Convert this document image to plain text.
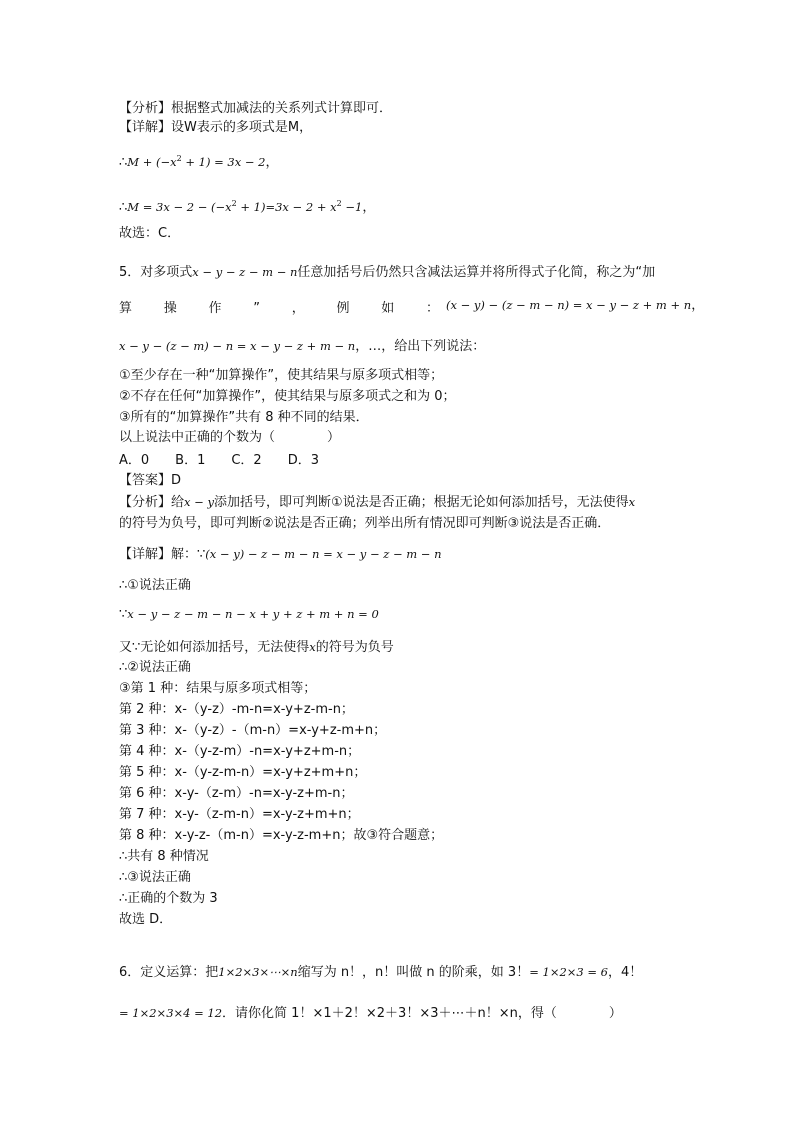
【分析】根据整式加减法的关系列式计算即可．
【详解】设W表示的多项式是M，
∴M + $(-x^2 + 1) = 3x - 2$，
∴M = $3x - 2 - (-x^2 + 1)=3x - 2 + x^2 -1$，
故选：C．
5．对多项式x − y − z − m − n任意加括号后仍然只含减法运算并将所得式子化简，称之为“加
算 操 作 ” ， 例 如 ： (x − y) − (z − m − n) = x − y − z + m + n，
x − y − (z − m) − n = x − y − z + m − n，…，给出下列说法：
①至少存在一种“加算操作”，使其结果与原多项式相等；
②不存在任何“加算操作”，使其结果与原多项式之和为 0；
③所有的“加算操作”共有 8 种不同的结果．
以上说法中正确的个数为（　　　　）
A．0　　B．1　　C．2　　D．3
【答案】D
【分析】给x − y添加括号，即可判断①说法是否正确；根据无论如何添加括号，无法使得x
的符号为负号，即可判断②说法是否正确；列举出所有情况即可判断③说法是否正确．
【详解】解：∵(x − y) − z − m − n = x − y − z − m − n
∴①说法正确
∵x − y − z − m − n − x + y + z + m + n = 0
又∵无论如何添加括号，无法使得x的符号为负号
∴②说法正确
③第 1 种：结果与原多项式相等；
第 2 种：x-（y-z）-m-n=x-y+z-m-n；
第 3 种：x-（y-z）-（m-n）=x-y+z-m+n；
第 4 种：x-（y-z-m）-n=x-y+z+m-n；
第 5 种：x-（y-z-m-n）=x-y+z+m+n；
第 6 种：x-y-（z-m）-n=x-y-z+m-n；
第 7 种：x-y-（z-m-n）=x-y-z+m+n；
第 8 种：x-y-z-（m-n）=x-y-z-m+n；故③符合题意；
∴共有 8 种情况
∴③说法正确
∴正确的个数为 3
故选 D．
6．定义运算：把1×2×3×⋯×n缩写为 n！，n！叫做 n 的阶乘，如 3！= 1×2×3 = 6，4！
= 1×2×3×4 = 12．请你化简 1！×1＋2！×2＋3！×3＋⋯＋n！×n，得（　　　　）
